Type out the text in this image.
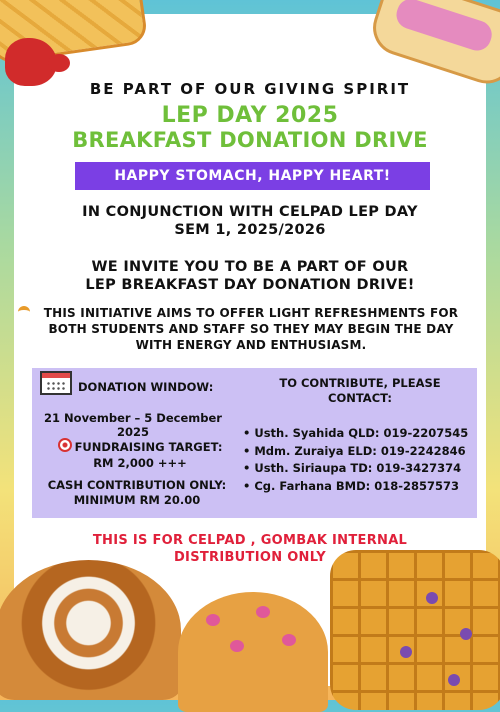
BE PART OF OUR GIVING SPIRIT
LEP DAY 2025
BREAKFAST DONATION DRIVE
HAPPY STOMACH, HAPPY HEART!
IN CONJUNCTION WITH CELPAD LEP DAY
SEM 1, 2025/2026
WE INVITE YOU TO BE A PART OF OUR
LEP BREAKFAST DAY DONATION DRIVE!
THIS INITIATIVE AIMS TO OFFER LIGHT REFRESHMENTS FOR
BOTH STUDENTS AND STAFF SO THEY MAY BEGIN THE DAY
WITH ENERGY AND ENTHUSIASM.
DONATION WINDOW:
21 November – 5 December 2025
FUNDRAISING TARGET:
RM 2,000 +++
CASH CONTRIBUTION ONLY:
MINIMUM RM 20.00
TO CONTRIBUTE, PLEASE
CONTACT:
• Usth. Syahida QLD: 019-2207545
• Mdm. Zuraiya ELD: 019-2242846
• Usth. Siriaupa TD: 019-3427374
• Cg. Farhana BMD: 018-2857573
THIS IS FOR CELPAD , GOMBAK INTERNAL
DISTRIBUTION ONLY
